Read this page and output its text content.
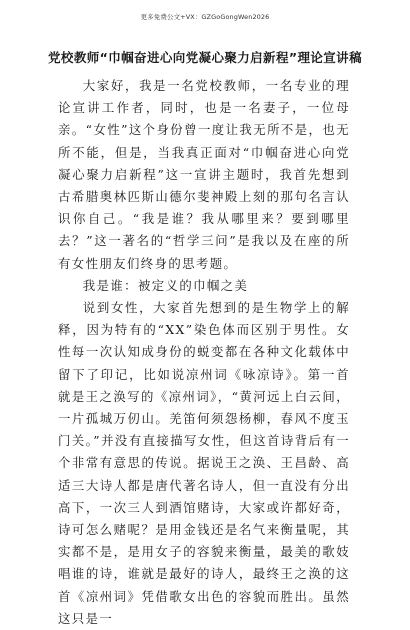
更多免费公文+VX：GZGoGongWen2026
党校教师“巾帼奋进心向党凝心聚力启新程”理论宣讲稿

大家好，我是一名党校教师，一名专业的理论宣讲工作者，同时，也是一名妻子，一位母亲。“女性”这个身份曾一度让我无所不是，也无所不能，但是，当我真正面对“巾帼奋进心向党凝心聚力启新程”这一宣讲主题时，我首先想到古希腊奥林匹斯山德尔斐神殿上刻的那句名言认识你自己。“我是谁？我从哪里来？要到哪里去？”这一著名的“哲学三问”是我以及在座的所有女性朋友们终身的思考题。

我是谁：被定义的巾帼之美

说到女性，大家首先想到的是生物学上的解释，因为特有的“XX”染色体而区别于男性。女性每一次认知成身份的蜕变都在各种文化载体中留下了印记，比如说凉州词《咏凉诗》。第一首就是王之涣写的《凉州词》，“黄河远上白云间，一片孤城万仞山。羌笛何须怨杨柳，春风不度玉门关。”并没有直接描写女性，但这首诗背后有一个非常有意思的传说。据说王之涣、王昌龄、高适三大诗人都是唐代著名诗人，但一直没有分出高下，一次三人到酒馆赌诗，大家或许都好奇，诗可怎么赌呢？是用金钱还是名气来衡量呢，其实都不是，是用女子的容貌来衡量，最美的歌妓唱谁的诗，谁就是最好的诗人，最终王之涣的这首《凉州词》凭借歌女出色的容貌而胜出。虽然这只是一
